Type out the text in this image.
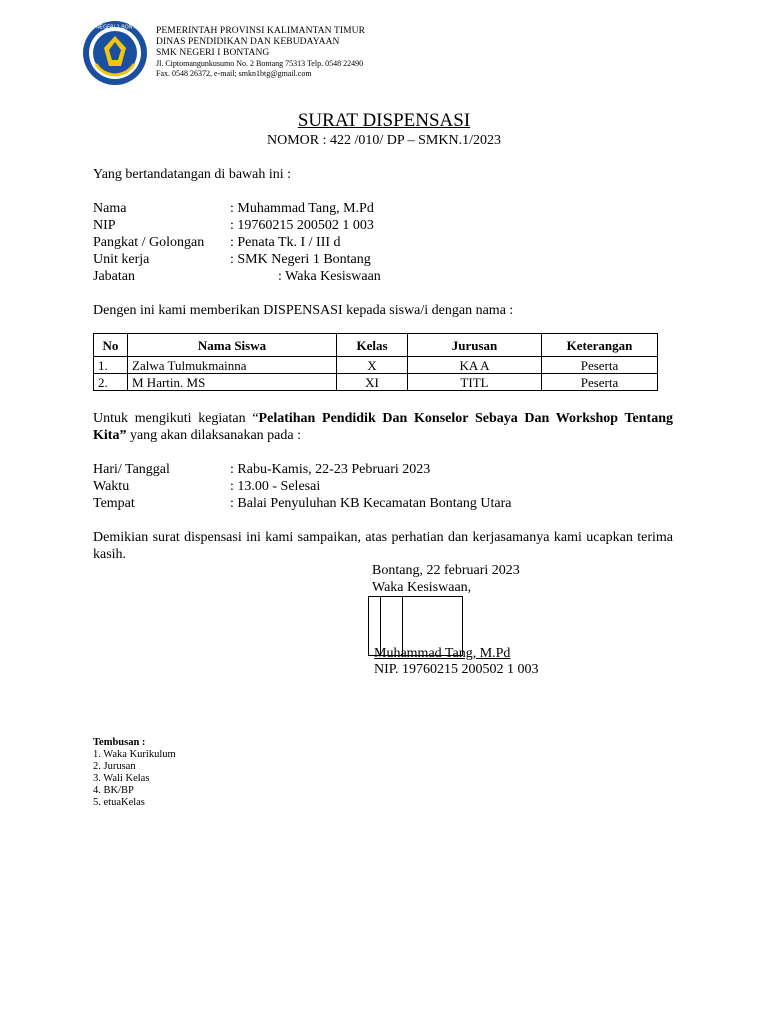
SMK NEGERI 1 BONTANG PEMERINTAH PROVINSI KALIMANTAN TIMUR
DINAS PENDIDIKAN DAN KEBUDAYAAN
SMK NEGERI I BONTANG
Jl. Ciptomangunkusumo No. 2 Bontang 75313 Telp. 0548 22490
Fax. 0548 26372, e-mail; smkn1btg@gmail.com
SURAT DISPENSASI
NOMOR : 422 /010/ DP – SMKN.1/2023
Yang bertandatangan di bawah ini :
Nama	: Muhammad Tang, M.Pd
NIP	: 19760215 200502 1 003
Pangkat / Golongan : Penata Tk. I / III d
Unit kerja	: SMK Negeri 1 Bontang
Jabatan	: Waka Kesiswaan
Dengen ini kami memberikan DISPENSASI kepada siswa/i dengan nama :
No	Nama Siswa	Kelas	Jurusan	Keterangan
1.	Zalwa Tulmukmainna	X	KA A	Peserta
2.	M Hartin. MS	XI	TITL	Peserta
Untuk mengikuti kegiatan “Pelatihan Pendidik Dan Konselor Sebaya Dan Workshop Tentang Kita” yang akan dilaksanakan pada :
Hari/ Tanggal	: Rabu-Kamis, 22-23 Pebruari 2023
Waktu	: 13.00 - Selesai
Tempat	: Balai Penyuluhan KB Kecamatan Bontang Utara
Demikian surat dispensasi ini kami sampaikan, atas perhatian dan kerjasamanya kami ucapkan terima kasih.
Bontang, 22 februari 2023
Waka Kesiswaan,
Muhammad Tang, M.Pd
NIP. 19760215 200502 1 003
Tembusan :
1. Waka Kurikulum
2. Jurusan
3. Wali Kelas
4. BK/BP
5. etuaKelas
